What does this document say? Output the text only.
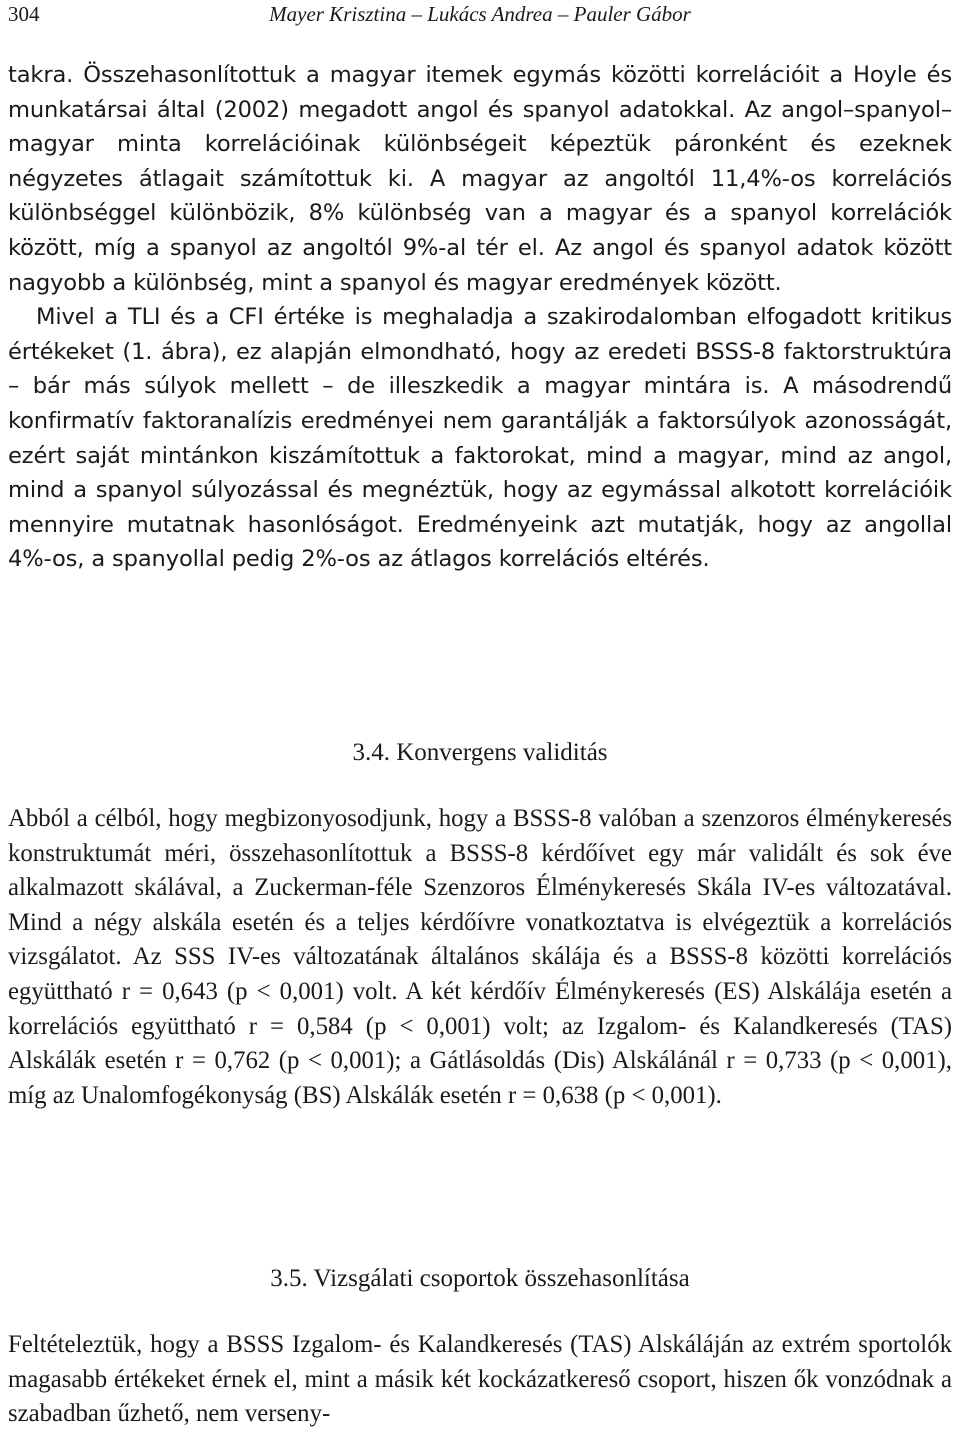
304	Mayer Krisztina – Lukács Andrea – Pauler Gábor

takra. Összehasonlítottuk a magyar itemek egymás közötti korrelációit a Hoyle és munkatársai által (2002) megadott angol és spanyol adatokkal. Az angol–spanyol–magyar minta korrelációinak különbségeit képeztük páronként és ezeknek négyzetes átlagait számítottuk ki. A magyar az angoltól 11,4%-os korrelációs különbséggel különbözik, 8% különbség van a magyar és a spanyol korrelációk között, míg a spanyol az angoltól 9%-al tér el. Az angol és spanyol adatok között nagyobb a különbség, mint a spanyol és magyar eredmények között.

Mivel a TLI és a CFI értéke is meghaladja a szakirodalomban elfogadott kritikus értékeket (1. ábra), ez alapján elmondható, hogy az eredeti BSSS-8 faktorstruktúra – bár más súlyok mellett – de illeszkedik a magyar mintára is. A másodrendű konfirmatív faktoranalízis eredményei nem garantálják a faktorsúlyok azonosságát, ezért saját mintánkon kiszámítottuk a faktorokat, mind a magyar, mind az angol, mind a spanyol súlyozással és megnéztük, hogy az egymással alkotott korrelációik mennyire mutatnak hasonlóságot. Eredményeink azt mutatják, hogy az angollal 4%-os, a spanyollal pedig 2%-os az átlagos korrelációs eltérés.

3.4. Konvergens validitás

Abból a célból, hogy megbizonyosodjunk, hogy a BSSS-8 valóban a szenzoros élménykeresés konstruktumát méri, összehasonlítottuk a BSSS-8 kérdőívet egy már validált és sok éve alkalmazott skálával, a Zuckerman-féle Szenzoros Élménykeresés Skála IV-es változatával. Mind a négy alskála esetén és a teljes kérdőívre vonatkoztatva is elvégeztük a korrelációs vizsgálatot. Az SSS IV-es változatának általános skálája és a BSSS-8 közötti korrelációs együttható r = 0,643 (p < 0,001) volt. A két kérdőív Élménykeresés (ES) Alskálája esetén a korrelációs együttható r = 0,584 (p < 0,001) volt; az Izgalom- és Kalandkeresés (TAS) Alskálák esetén r = 0,762 (p < 0,001); a Gátlásoldás (Dis) Alskálánál r = 0,733 (p < 0,001), míg az Unalomfogékonyság (BS) Alskálák esetén r = 0,638 (p < 0,001).

3.5. Vizsgálati csoportok összehasonlítása

Feltételeztük, hogy a BSSS Izgalom- és Kalandkeresés (TAS) Alskáláján az extrém sportolók magasabb értékeket érnek el, mint a másik két kockázatkereső csoport, hiszen ők vonzódnak a szabadban űzhető, nem verseny-
